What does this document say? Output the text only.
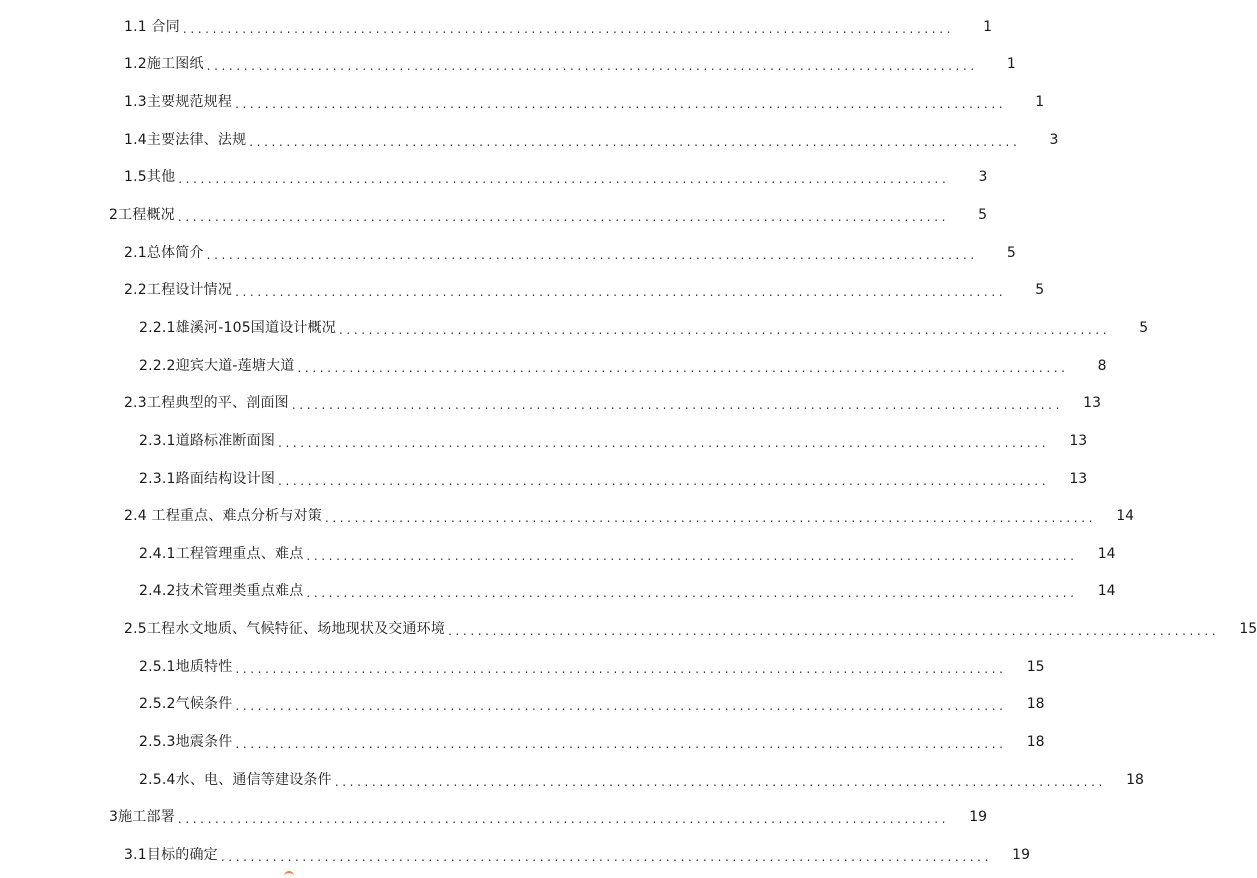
1.1 合同 ........................................................................................................	1
1.2施工图纸 ........................................................................................................	1
1.3主要规范规程 ........................................................................................................	1
1.4主要法律、法规 ........................................................................................................	3
1.5其他 ........................................................................................................	3
2工程概况 ........................................................................................................	5
2.1总体简介 ........................................................................................................	5
2.2工程设计情况 ........................................................................................................	5
2.2.1雄溪河-105国道设计概况 ........................................................................................................	5
2.2.2迎宾大道-莲塘大道 ........................................................................................................	8
2.3工程典型的平、剖面图 ........................................................................................................	13
2.3.1道路标准断面图 ........................................................................................................	13
2.3.1路面结构设计图 ........................................................................................................	13
2.4 工程重点、难点分析与对策 ........................................................................................................	14
2.4.1工程管理重点、难点 ........................................................................................................	14
2.4.2技术管理类重点难点 ........................................................................................................	14
2.5工程水文地质、气候特征、场地现状及交通环境 ........................................................................................................	15
2.5.1地质特性 ........................................................................................................	15
2.5.2气候条件 ........................................................................................................	18
2.5.3地震条件 ........................................................................................................	18
2.5.4水、电、通信等建设条件 ........................................................................................................	18
3施工部署 ........................................................................................................	19
3.1目标的确定 ........................................................................................................	19
